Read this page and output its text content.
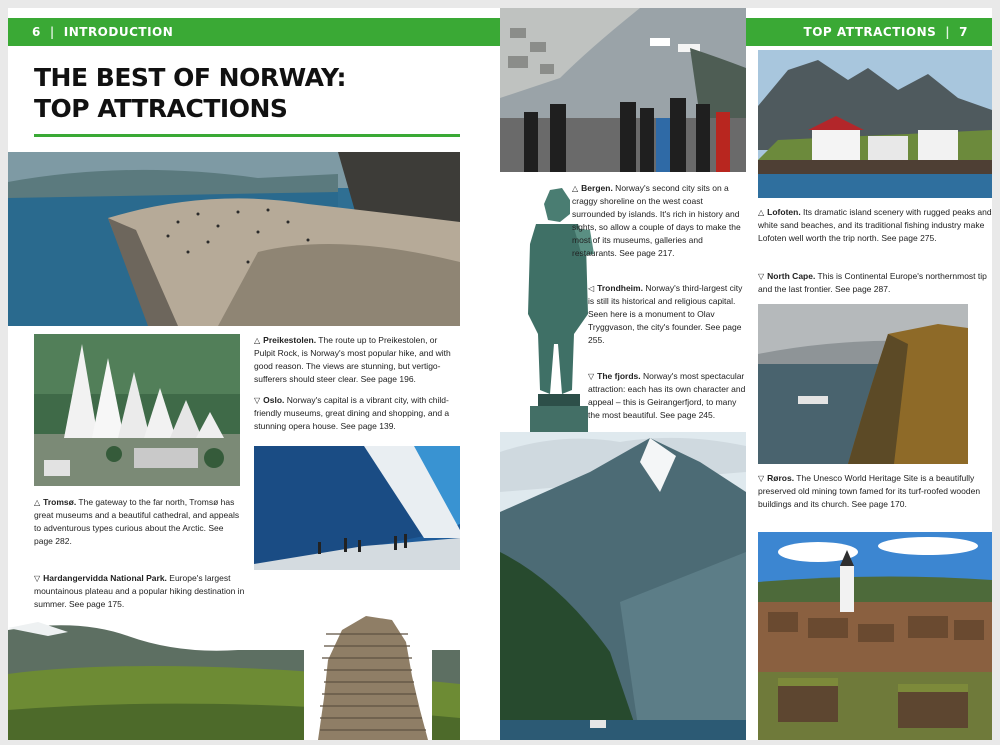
6 | INTRODUCTION
THE BEST OF NORWAY:
TOP ATTRACTIONS

△ Preikestolen. The route up to Preikestolen, or Pulpit Rock, is Norway's most popular hike, and with good reason. The views are stunning, but vertigo-sufferers should steer clear. See page 196.

▽ Oslo. Norway's capital is a vibrant city, with child-friendly museums, great dining and shopping, and a stunning opera house. See page 139.

△ Tromsø. The gateway to the far north, Tromsø has great museums and a beautiful cathedral, and appeals to adventurous types curious about the Arctic. See page 282.

▽ Hardangervidda National Park. Europe's largest mountainous plateau and a popular hiking destination in summer. See page 175.

TOP ATTRACTIONS | 7

△ Bergen. Norway's second city sits on a craggy shoreline on the west coast surrounded by islands. It's rich in history and sights, so allow a couple of days to make the most of its museums, galleries and restaurants. See page 217.

◁ Trondheim. Norway's third-largest city is still its historical and religious capital. Seen here is a monument to Olav Tryggvason, the city's founder. See page 255.

▽ The fjords. Norway's most spectacular attraction: each has its own character and appeal – this is Geirangerfjord, to many the most beautiful. See page 245.

△ Lofoten. Its dramatic island scenery with rugged peaks and white sand beaches, and its traditional fishing industry make Lofoten well worth the trip north. See page 275.

▽ North Cape. This is Continental Europe's northernmost tip and the last frontier. See page 287.

▽ Røros. The Unesco World Heritage Site is a beautifully preserved old mining town famed for its turf-roofed wooden buildings and its church. See page 170.
